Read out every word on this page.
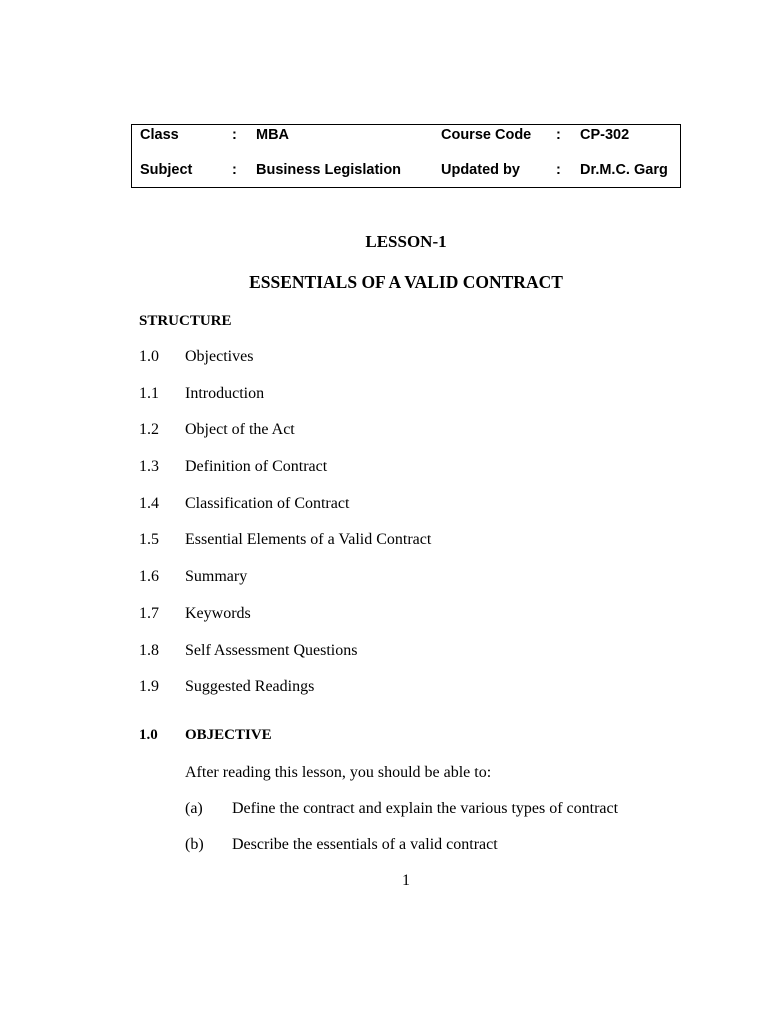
Class	: MBA	Course Code : CP-302
Subject	: Business Legislation	Updated by : Dr.M.C. Garg
LESSON-1
ESSENTIALS OF A VALID CONTRACT
STRUCTURE
1.0 Objectives
1.1 Introduction
1.2 Object of the Act
1.3 Definition of Contract
1.4 Classification of Contract
1.5 Essential Elements of a Valid Contract
1.6 Summary
1.7 Keywords
1.8 Self Assessment Questions
1.9 Suggested Readings
1.0 OBJECTIVE
After reading this lesson, you should be able to:
(a) Define the contract and explain the various types of contract
(b) Describe the essentials of a valid contract
1
